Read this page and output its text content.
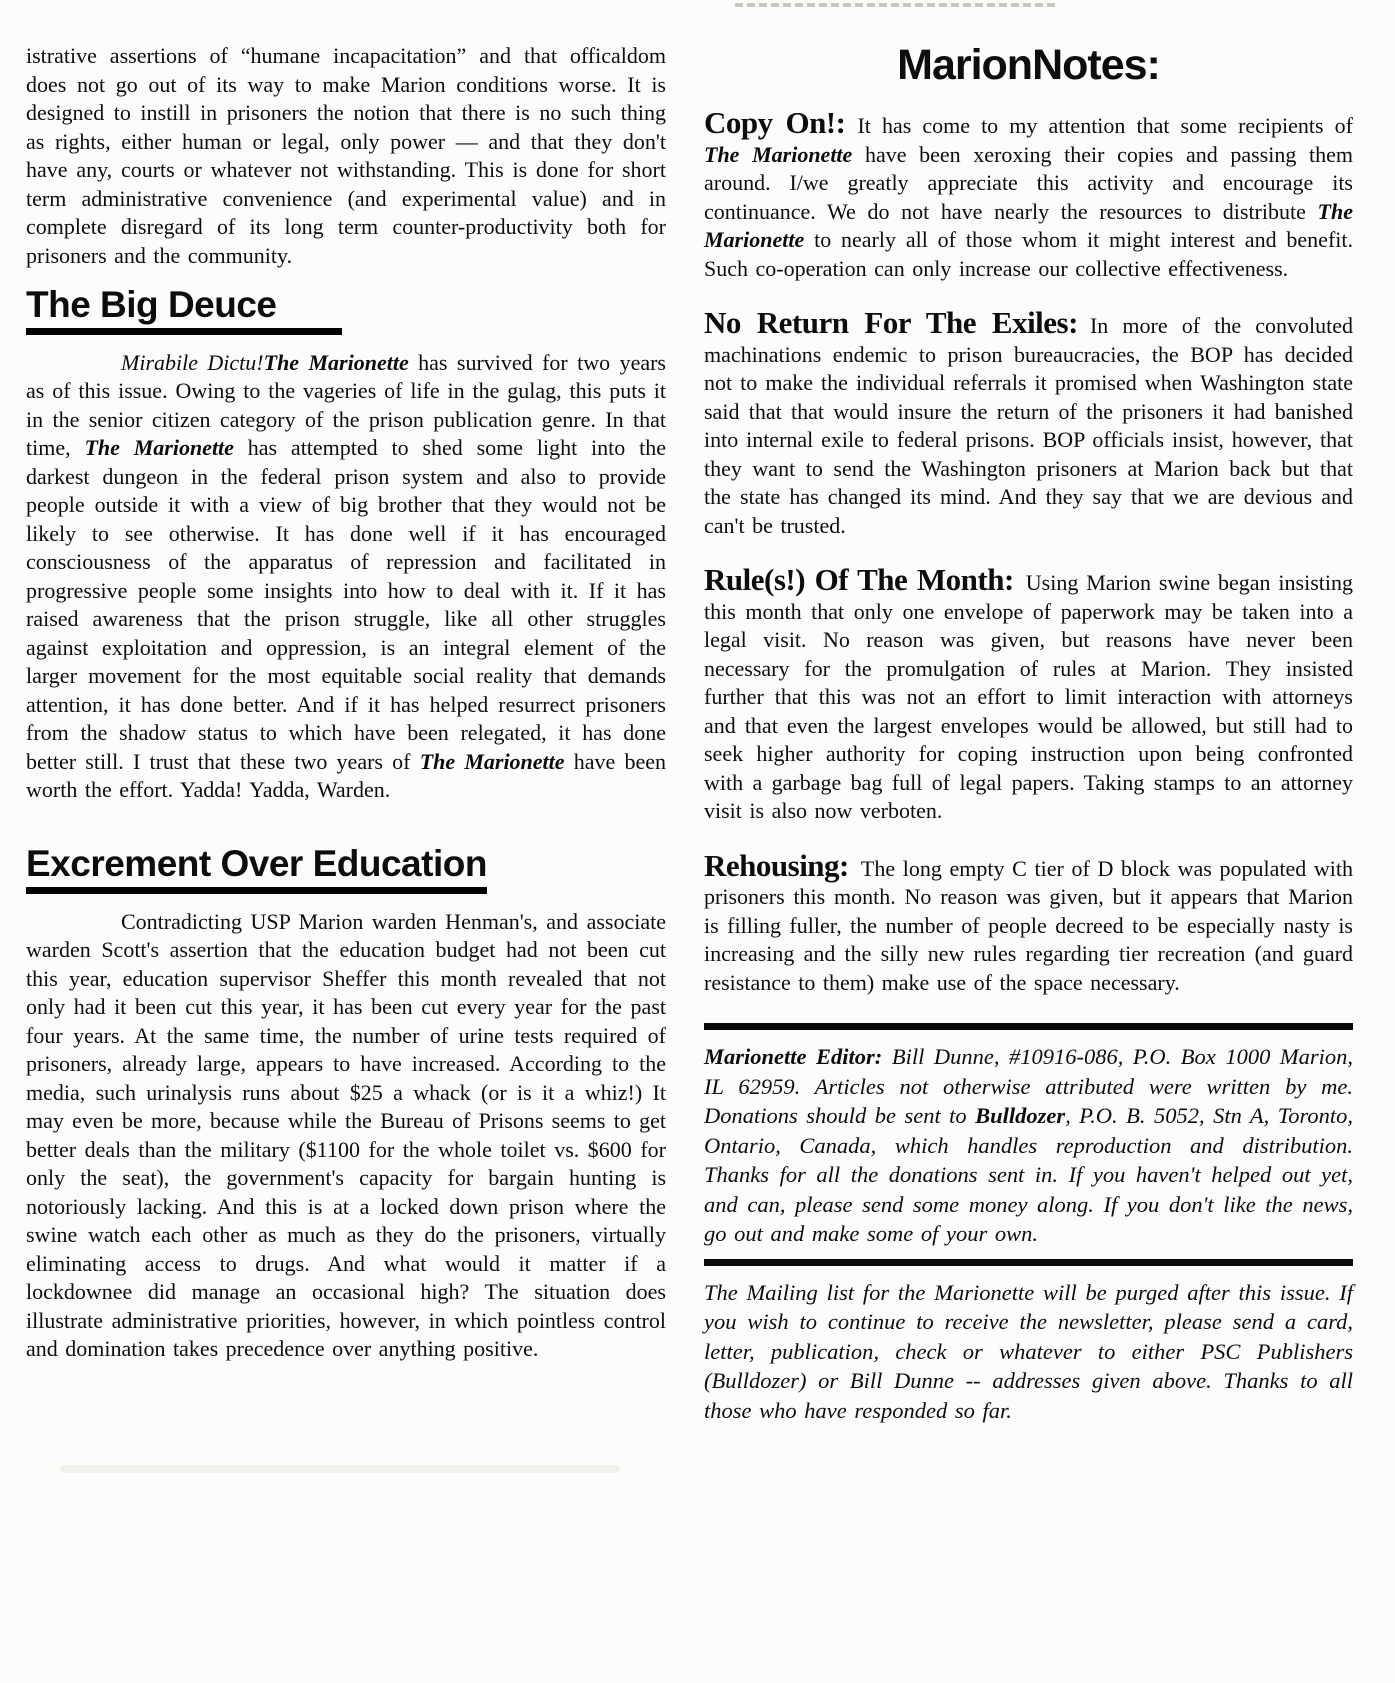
istrative assertions of “humane incapacitation” and that officaldom does not go out of its way to make Marion conditions worse. It is designed to instill in prisoners the notion that there is no such thing as rights, either human or legal, only power — and that they don't have any, courts or whatever not withstanding. This is done for short term administrative convenience (and experimental value) and in complete disregard of its long term counter-productivity both for prisoners and the community.

The Big Deuce

Mirabile Dictu!The Marionette has survived for two years as of this issue. Owing to the vageries of life in the gulag, this puts it in the senior citizen category of the prison publication genre. In that time, The Marionette has attempted to shed some light into the darkest dungeon in the federal prison system and also to provide people outside it with a view of big brother that they would not be likely to see otherwise. It has done well if it has encouraged consciousness of the apparatus of repression and facilitated in progressive people some insights into how to deal with it. If it has raised awareness that the prison struggle, like all other struggles against exploitation and oppression, is an integral element of the larger movement for the most equitable social reality that demands attention, it has done better. And if it has helped resurrect prisoners from the shadow status to which have been relegated, it has done better still. I trust that these two years of The Marionette have been worth the effort. Yadda! Yadda, Warden.

Excrement Over Education

Contradicting USP Marion warden Henman's, and associate warden Scott's assertion that the education budget had not been cut this year, education supervisor Sheffer this month revealed that not only had it been cut this year, it has been cut every year for the past four years. At the same time, the number of urine tests required of prisoners, already large, appears to have increased. According to the media, such urinalysis runs about $25 a whack (or is it a whiz!) It may even be more, because while the Bureau of Prisons seems to get better deals than the military ($1100 for the whole toilet vs. $600 for only the seat), the government's capacity for bargain hunting is notoriously lacking. And this is at a locked down prison where the swine watch each other as much as they do the prisoners, virtually eliminating access to drugs. And what would it matter if a lockdownee did manage an occasional high? The situation does illustrate administrative priorities, however, in which pointless control and domination takes precedence over anything positive.

MarionNotes:

Copy On!: It has come to my attention that some recipients of The Marionette have been xeroxing their copies and passing them around. I/we greatly appreciate this activity and encourage its continuance. We do not have nearly the resources to distribute The Marionette to nearly all of those whom it might interest and benefit. Such co-operation can only increase our collective effectiveness.

No Return For The Exiles: In more of the convoluted machinations endemic to prison bureaucracies, the BOP has decided not to make the individual referrals it promised when Washington state said that that would insure the return of the prisoners it had banished into internal exile to federal prisons. BOP officials insist, however, that they want to send the Washington prisoners at Marion back but that the state has changed its mind. And they say that we are devious and can't be trusted.

Rule(s!) Of The Month: Using Marion swine began insisting this month that only one envelope of paperwork may be taken into a legal visit. No reason was given, but reasons have never been necessary for the promulgation of rules at Marion. They insisted further that this was not an effort to limit interaction with attorneys and that even the largest envelopes would be allowed, but still had to seek higher authority for coping instruction upon being confronted with a garbage bag full of legal papers. Taking stamps to an attorney visit is also now verboten.

Rehousing: The long empty C tier of D block was populated with prisoners this month. No reason was given, but it appears that Marion is filling fuller, the number of people decreed to be especially nasty is increasing and the silly new rules regarding tier recreation (and guard resistance to them) make use of the space necessary.

Marionette Editor: Bill Dunne, #10916-086, P.O. Box 1000 Marion, IL 62959. Articles not otherwise attributed were written by me. Donations should be sent to Bulldozer, P.O. B. 5052, Stn A, Toronto, Ontario, Canada, which handles reproduction and distribution. Thanks for all the donations sent in. If you haven't helped out yet, and can, please send some money along. If you don't like the news, go out and make some of your own.

The Mailing list for the Marionette will be purged after this issue. If you wish to continue to receive the newsletter, please send a card, letter, publication, check or whatever to either PSC Publishers (Bulldozer) or Bill Dunne -- addresses given above. Thanks to all those who have responded so far.
